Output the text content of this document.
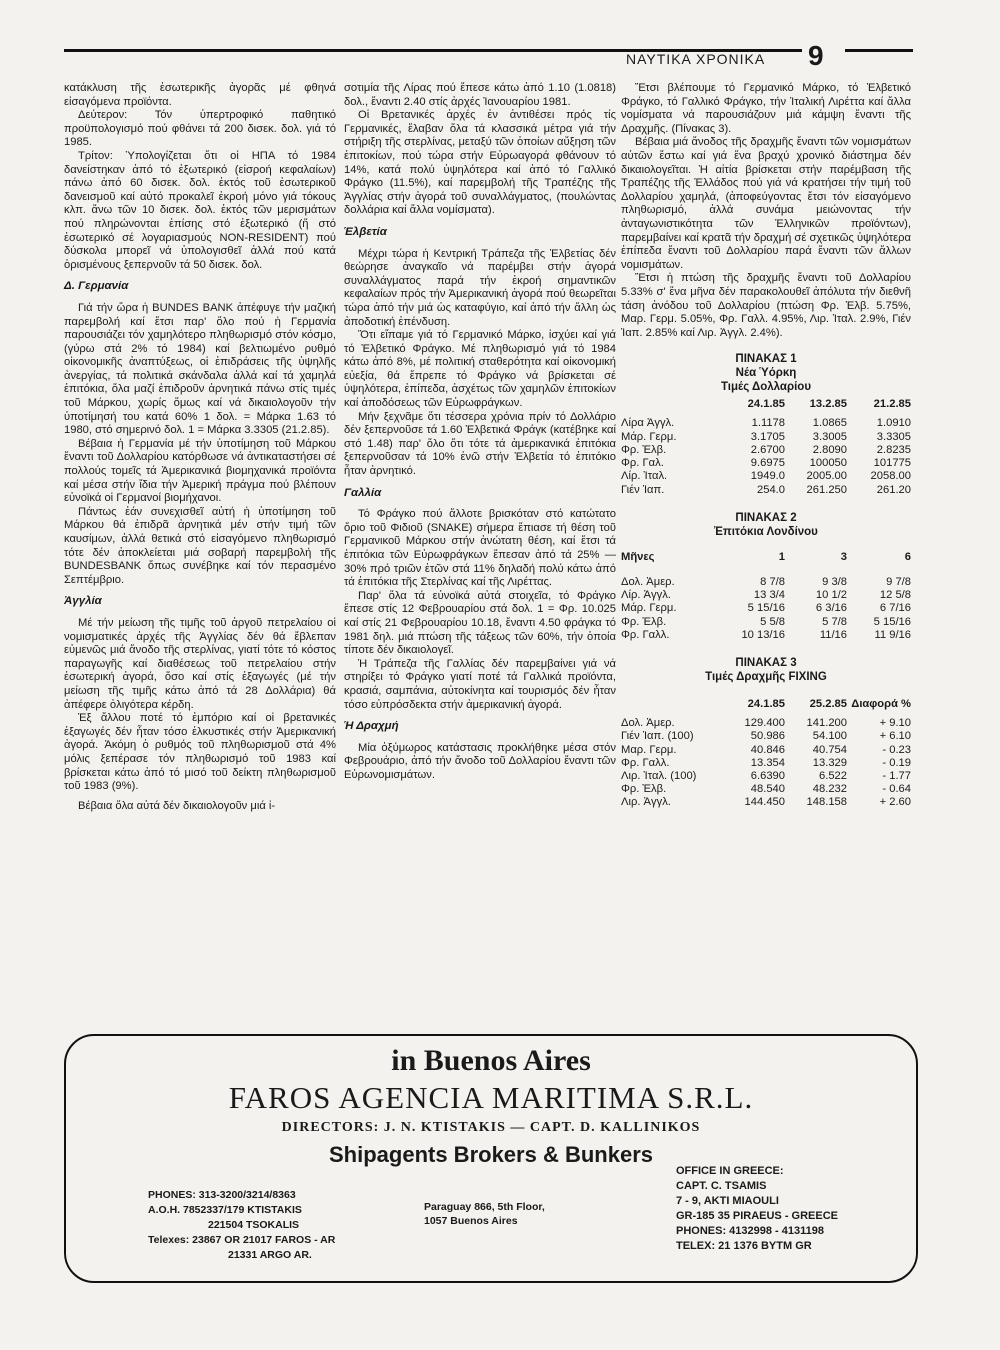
ΝΑΥΤΙΚΑ ΧΡΟΝΙΚΑ 9

κατάκλυση τῆς ἐσωτερικῆς ἀγορᾶς μέ φθηνά εἰσαγόμενα προϊόντα.

Δεύτερον: Τόν ὑπερτροφικό παθητικό προϋπολογισμό πού φθάνει τά 200 δισεκ. δολ. γιά τό 1985.

Τρίτον: Ὑπολογίζεται ὅτι οἱ ΗΠΑ τό 1984 δανείστηκαν ἀπό τό ἐξωτερικό (εἰσροή κεφαλαίων) πάνω ἀπό 60 δισεκ. δολ. ἐκτός τοῦ ἐσωτερικοῦ δανεισμοῦ καί αὐτό προκαλεῖ ἐκροή μόνο γιά τόκους κλπ. ἄνω τῶν 10 δισεκ. δολ. ἐκτός τῶν μερισμάτων πού πληρώνονται ἐπίσης στό ἐξωτερικό (ἤ στό ἐσωτερικό σέ λογαριασμούς NON-RESIDENT) πού δύσκολα μπορεῖ νά ὑπολογισθεῖ ἀλλά πού κατά ὁρισμένους ξεπερνοῦν τά 50 δισεκ. δολ.

Δ. Γερμανία

Γιά τήν ὥρα ἡ BUNDES BANK ἀπέφυγε τήν μαζική παρεμβολή καί ἔτσι παρ' ὅλο πού ἡ Γερμανία παρουσιάζει τόν χαμηλότερο πληθωρισμό στόν κόσμο, (γύρω στά 2% τό 1984) καί βελτιωμένο ρυθμό οἰκονομικῆς ἀναπτύξεως, οἱ ἐπιδράσεις τῆς ὑψηλῆς ἀνεργίας, τά πολιτικά σκάνδαλα ἀλλά καί τά χαμηλά ἐπιτόκια, ὅλα μαζί ἐπιδροῦν ἀρνητικά πάνω στίς τιμές τοῦ Μάρκου, χωρίς ὅμως καί νά δικαιολογοῦν τήν ὑποτίμησή του κατά 60% 1 δολ. = Μάρκα 1.63 τό 1980, στό σημερινό δολ. 1 = Μάρκα 3.3305 (21.2.85).

Βέβαια ἡ Γερμανία μέ τήν ὑποτίμηση τοῦ Μάρκου ἔναντι τοῦ Δολλαρίου κατόρθωσε νά ἀντικαταστήσει σέ πολλούς τομεῖς τά Ἀμερικανικά βιομηχανικά προϊόντα καί μέσα στήν ἴδια τήν Ἀμερική πράγμα πού βλέπουν εὐνοϊκά οἱ Γερμανοί βιομήχανοι.

Πάντως ἐάν συνεχισθεῖ αὐτή ἡ ὑποτίμηση τοῦ Μάρκου θά ἐπιδρᾶ ἀρνητικά μέν στήν τιμή τῶν καυσίμων, ἀλλά θετικά στό εἰσαγόμενο πληθωρισμό τότε δέν ἀποκλείεται μιά σοβαρή παρεμβολή τῆς BUNDESBANK ὅπως συνέβηκε καί τόν περασμένο Σεπτέμβριο.

Ἀγγλία

Μέ τήν μείωση τῆς τιμῆς τοῦ ἀργοῦ πετρελαίου οἱ νομισματικές ἀρχές τῆς Ἀγγλίας δέν θά ἔβλεπαν εὐμενῶς μιά ἄνοδο τῆς στερλίνας, γιατί τότε τό κόστος παραγωγῆς καί διαθέσεως τοῦ πετρελαίου στήν ἐσωτερική ἀγορά, ὅσο καί στίς ἐξαγωγές (μέ τήν μείωση τῆς τιμῆς κάτω ἀπό τά 28 Δολλάρια) θά ἀπέφερε ὀλιγότερα κέρδη.

Ἐξ ἄλλου ποτέ τό ἐμπόριο καί οἱ βρετανικές ἐξαγωγές δέν ἦταν τόσο ἑλκυστικές στήν Ἀμερικανική ἀγορά. Ἀκόμη ὁ ρυθμός τοῦ πληθωρισμοῦ στά 4% μόλις ξεπέρασε τόν πληθωρισμό τοῦ 1983 καί βρίσκεται κάτω ἀπό τό μισό τοῦ δείκτη πληθωρισμοῦ τοῦ 1983 (9%).

Βέβαια ὅλα αὐτά δέν δικαιολογοῦν μιά ἰ-

σοτιμία τῆς Λίρας πού ἔπεσε κάτω ἀπό 1.10 (1.0818) δολ., ἔναντι 2.40 στίς ἀρχές Ἰανουαρίου 1981.

Οἱ Βρετανικές ἀρχές ἐν ἀντιθέσει πρός τίς Γερμανικές, ἔλαβαν ὅλα τά κλασσικά μέτρα γιά τήν στήριξη τῆς στερλίνας, μεταξύ τῶν ὁποίων αὔξηση τῶν ἐπιτοκίων, πού τώρα στήν Εὐρωαγορά φθάνουν τό 14%, κατά πολύ ὑψηλότερα καί ἀπό τό Γαλλικό Φράγκο (11.5%), καί παρεμβολή τῆς Τραπέζης τῆς Ἀγγλίας στήν ἀγορά τοῦ συναλλάγματος, (πουλώντας δολλάρια καί ἄλλα νομίσματα).

Ἑλβετία

Μέχρι τώρα ἡ Κεντρική Τράπεζα τῆς Ἑλβετίας δέν θεώρησε ἀναγκαῖο νά παρέμβει στήν ἀγορά συναλλάγματος παρά τήν ἐκροή σημαντικῶν κεφαλαίων πρός τήν Ἀμερικανική ἀγορά πού θεωρεῖται τώρα ἀπό τήν μιά ὡς καταφύγιο, καί ἀπό τήν ἄλλη ὡς ἀποδοτική ἐπένδυση.

Ὅτι εἴπαμε γιά τό Γερμανικό Μάρκο, ἰσχύει καί γιά τό Ἑλβετικό Φράγκο. Μέ πληθωρισμό γιά τό 1984 κάτω ἀπό 8%, μέ πολιτική σταθερότητα καί οἰκονομική εὐεξία, θά ἔπρεπε τό Φράγκο νά βρίσκεται σέ ὑψηλότερα, ἐπίπεδα, ἀσχέτως τῶν χαμηλῶν ἐπιτοκίων καί ἀποδόσεως τῶν Εὐρωφράγκων.

Μήν ξεχνᾶμε ὅτι τέσσερα χρόνια πρίν τό Δολλάριο δέν ξεπερνοῦσε τά 1.60 Ἑλβετικά Φράγκ (κατέβηκε καί στό 1.48) παρ' ὅλο ὅτι τότε τά ἀμερικανικά ἐπιτόκια ξεπερνοῦσαν τά 10% ἐνῶ στήν Ἑλβετία τό ἐπιτόκιο ἦταν ἀρνητικό.

Γαλλία

Τό Φράγκο πού ἄλλοτε βρισκόταν στό κατώτατο ὅριο τοῦ Φιδιοῦ (SNAKE) σήμερα ἔπιασε τή θέση τοῦ Γερμανικοῦ Μάρκου στήν ἀνώτατη θέση, καί ἔτσι τά ἐπιτόκια τῶν Εὐρωφράγκων ἔπεσαν ἀπό τά 25% — 30% πρό τριῶν ἐτῶν στά 11% δηλαδή πολύ κάτω ἀπό τά ἐπιτόκια τῆς Στερλίνας καί τῆς Λιρέττας.

Παρ' ὅλα τά εὐνοϊκά αὐτά στοιχεῖα, τό Φράγκο ἔπεσε στίς 12 Φεβρουαρίου στά δολ. 1 = Φρ. 10.025 καί στίς 21 Φεβρουαρίου 10.18, ἔναντι 4.50 φράγκα τό 1981 δηλ. μιά πτώση τῆς τάξεως τῶν 60%, τήν ὁποία τίποτε δέν δικαιολογεῖ.

Ἡ Τράπεζα τῆς Γαλλίας δέν παρεμβαίνει γιά νά στηρίξει τό Φράγκο γιατί ποτέ τά Γαλλικά προϊόντα, κρασιά, σαμπάνια, αὐτοκίνητα καί τουρισμός δέν ἦταν τόσο εὐπρόσδεκτα στήν ἀμερικανική ἀγορά.

Ἡ Δραχμή

Μία ὀξύμωρος κατάστασις προκλήθηκε μέσα στόν Φεβρουάριο, ἀπό τήν ἄνοδο τοῦ Δολλαρίου ἔναντι τῶν Εὐρωνομισμάτων.

Ἔτσι βλέπουμε τό Γερμανικό Μάρκο, τό Ἑλβετικό Φράγκο, τό Γαλλικό Φράγκο, τήν Ἰταλική Λιρέττα καί ἄλλα νομίσματα νά παρουσιάζουν μιά κάμψη ἔναντι τῆς Δραχμῆς. (Πίνακας 3).

Βέβαια μιά ἄνοδος τῆς δραχμῆς ἔναντι τῶν νομισμάτων αὐτῶν ἔστω καί γιά ἕνα βραχύ χρονικό διάστημα δέν δικαιολογεῖται. Ἡ αἰτία βρίσκεται στήν παρέμβαση τῆς Τραπέζης τῆς Ἑλλάδος πού γιά νά κρατήσει τήν τιμή τοῦ Δολλαρίου χαμηλά, (ἀποφεύγοντας ἔτσι τόν εἰσαγόμενο πληθωρισμό, ἀλλά συνάμα μειώνοντας τήν ἀνταγωνιστικότητα τῶν Ἑλληνικῶν προϊόντων), παρεμβαίνει καί κρατᾶ τήν δραχμή σέ σχετικῶς ὑψηλότερα ἐπίπεδα ἔναντι τοῦ Δολλαρίου παρά ἔναντι τῶν ἄλλων νομισμάτων.

Ἔτσι ἡ πτώση τῆς δραχμῆς ἔναντι τοῦ Δολλαρίου 5.33% σ' ἕνα μῆνα δέν παρακολουθεῖ ἀπόλυτα τήν διεθνῆ τάση ἀνόδου τοῦ Δολλαρίου (πτώση Φρ. Ἑλβ. 5.75%, Μαρ. Γερμ. 5.05%, Φρ. Γαλλ. 4.95%, Λιρ. Ἰταλ. 2.9%, Γιέν Ἰαπ. 2.85% καί Λιρ. Ἀγγλ. 2.4%).

ΠΙΝΑΚΑΣ 1
Νέα Ὑόρκη
Τιμές Δολλαρίου
	24.1.85	13.2.85	21.2.85

Λίρα Ἀγγλ.	1.1178	1.0865	1.0910
Μάρ. Γερμ.	3.1705	3.3005	3.3305
Φρ. Ἑλβ.	2.6700	2.8090	2.8235
Φρ. Γαλ.	9.6975	100050	101775
Λίρ. Ἰταλ.	1949.0	2005.00	2058.00
Γιέν Ἰαπ.	254.0	261.250	261.20
ΠΙΝΑΚΑΣ 2
Ἐπιτόκια Λονδίνου

Μῆνες	1	3	6

Δολ. Ἀμερ.	8 7/8	9 3/8	9 7/8
Λίρ. Ἀγγλ.	13 3/4	10 1/2	12 5/8
Μάρ. Γερμ.	5 15/16	6 3/16	6 7/16
Φρ. Ἑλβ.	5 5/8	5 7/8	5 15/16
Φρ. Γαλλ.	10 13/16	11/16	11 9/16
ΠΙΝΑΚΑΣ 3
Τιμές Δραχμῆς FIXING

	24.1.85	25.2.85	Διαφορά %

Δολ. Ἀμερ.	129.400	141.200	+ 9.10
Γιέν Ἰαπ. (100)	50.986	54.100	+ 6.10
Μαρ. Γερμ.	40.846	40.754	- 0.23
Φρ. Γαλλ.	13.354	13.329	- 0.19
Λιρ. Ἰταλ. (100)	6.6390	6.522	- 1.77
Φρ. Ἑλβ.	48.540	48.232	- 0.64
Λιρ. Ἀγγλ.	144.450	148.158	+ 2.60
in Buenos Aires
FAROS AGENCIA MARITIMA S.R.L.
DIRECTORS: J. N. KTISTAKIS — CAPT. D. KALLINIKOS
Shipagents Brokers & Bunkers
PHONES: 313-3200/3214/8363
A.O.H. 7852337/179 KTISTAKIS
221504 TSOKALIS
Telexes: 23867 OR 21017 FAROS - AR
21331 ARGO AR.
Paraguay 866, 5th Floor,
1057 Buenos Aires
OFFICE IN GREECE:
CAPT. C. TSAMIS
7 - 9, AKTI MIAOULI
GR-185 35 PIRAEUS - GREECE
PHONES: 4132998 - 4131198
TELEX: 21 1376 BYTM GR
